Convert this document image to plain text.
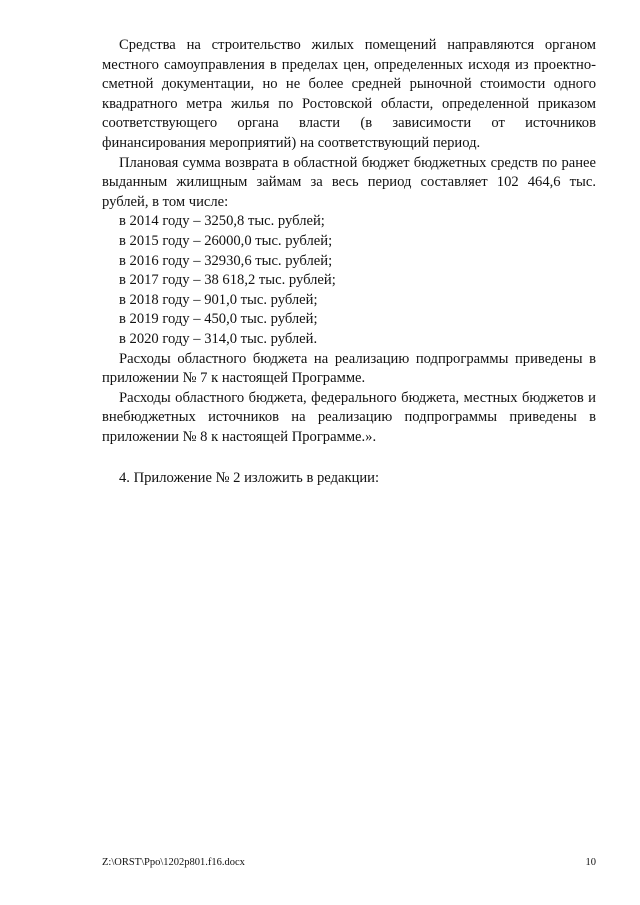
Средства на строительство жилых помещений направляются органом местного самоуправления в пределах цен, определенных исходя из проектно-сметной документации, но не более средней рыночной стоимости одного квадратного метра жилья по Ростовской области, определенной приказом соответствующего органа власти (в зависимости от источников финансирования мероприятий) на соответствующий период.

Плановая сумма возврата в областной бюджет бюджетных средств по ранее выданным жилищным займам за весь период составляет 102 464,6 тыс. рублей, в том числе:

в 2014 году – 3250,8 тыс. рублей;

в 2015 году – 26000,0 тыс. рублей;

в 2016 году – 32930,6 тыс. рублей;

в 2017 году – 38 618,2 тыс. рублей;

в 2018 году – 901,0 тыс. рублей;

в 2019 году – 450,0 тыс. рублей;

в 2020 году – 314,0 тыс. рублей.

Расходы областного бюджета на реализацию подпрограммы приведены в приложении № 7 к настоящей Программе.

Расходы областного бюджета, федерального бюджета, местных бюджетов и внебюджетных источников на реализацию подпрограммы приведены в приложении № 8 к настоящей Программе.».

4. Приложение № 2 изложить в редакции:

Z:\ORST\Ppo\1202p801.f16.docx	10
